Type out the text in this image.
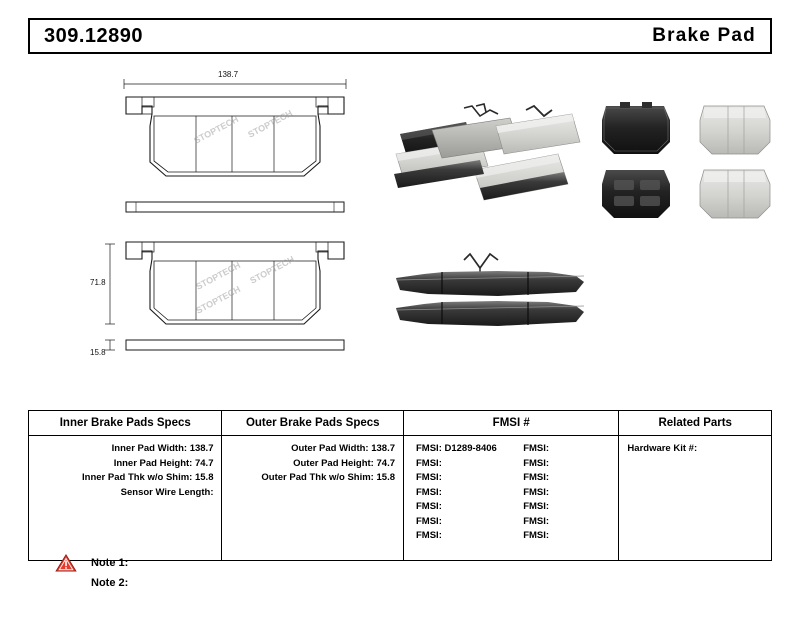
309.12890	Brake Pad
STOPTECH STOPTECH
STOPTECH STOPTECH
STOPTECH
138.7
71.8
15.8
Inner Brake Pads Specs
Inner Pad Width: 138.7
Inner Pad Height: 74.7
Inner Pad Thk w/o Shim: 15.8
Sensor Wire Length:
Outer Brake Pads Specs
Outer Pad Width: 138.7
Outer Pad Height: 74.7
Outer Pad Thk w/o Shim: 15.8
FMSI #
FMSI: D1289-8406
FMSI:
FMSI:
FMSI:
FMSI:
FMSI:
FMSI:
FMSI:
FMSI:
FMSI:
FMSI:
FMSI:
FMSI:
FMSI:
Related Parts
Hardware Kit #:
Note 1:
Note 2:
